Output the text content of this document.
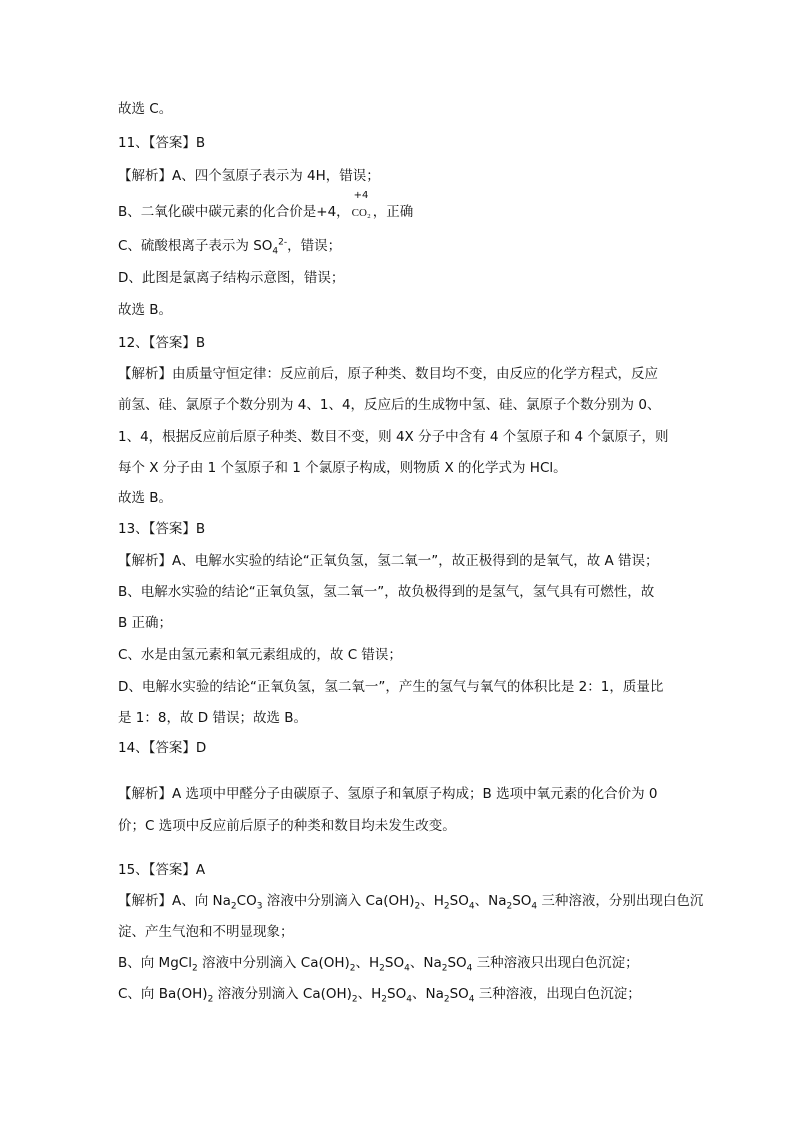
故选 C。
11、【答案】B
【解析】A、四个氢原子表示为 4H，错误；
B、二氧化碳中碳元素的化合价是+4，
+4
CO₂ ，正确
C、硫酸根离子表示为 $SO_4^{2-}$，错误；
D、此图是氯离子结构示意图，错误；
故选 B。
12、【答案】B
【解析】由质量守恒定律：反应前后，原子种类、数目均不变，由反应的化学方程式，反应
前氢、硅、氯原子个数分别为 4、1、4，反应后的生成物中氢、硅、氯原子个数分别为 0、
1、4，根据反应前后原子种类、数目不变，则 4X 分子中含有 4 个氢原子和 4 个氯原子，则
每个 X 分子由 1 个氢原子和 1 个氯原子构成，则物质 X 的化学式为 HCl。
故选 B。
13、【答案】B
【解析】A、电解水实验的结论“正氧负氢，氢二氧一”，故正极得到的是氧气，故 A 错误；
B、电解水实验的结论“正氧负氢，氢二氧一”，故负极得到的是氢气，氢气具有可燃性，故
B 正确；
C、水是由氢元素和氧元素组成的，故 C 错误；
D、电解水实验的结论“正氧负氢，氢二氧一”，产生的氢气与氧气的体积比是 2：1，质量比
是 1：8，故 D 错误；故选 B。
14、【答案】D
【解析】A 选项中甲醛分子由碳原子、氢原子和氧原子构成；B 选项中氧元素的化合价为 0
价；C 选项中反应前后原子的种类和数目均未发生改变。
15、【答案】A
【解析】A、向 $Na_2CO_3$ 溶液中分别滴入 $Ca(OH)_2$、$H_2SO_4$、$Na_2SO_4$ 三种溶液，分别出现白色沉
淀、产生气泡和不明显现象；
B、向 MgCl$_2$ 溶液中分别滴入 $Ca(OH)_2$、$H_2SO_4$、$Na_2SO_4$ 三种溶液只出现白色沉淀；
C、向 $Ba(OH)_2$ 溶液分别滴入 $Ca(OH)_2$、$H_2SO_4$、$Na_2SO_4$ 三种溶液，出现白色沉淀；
